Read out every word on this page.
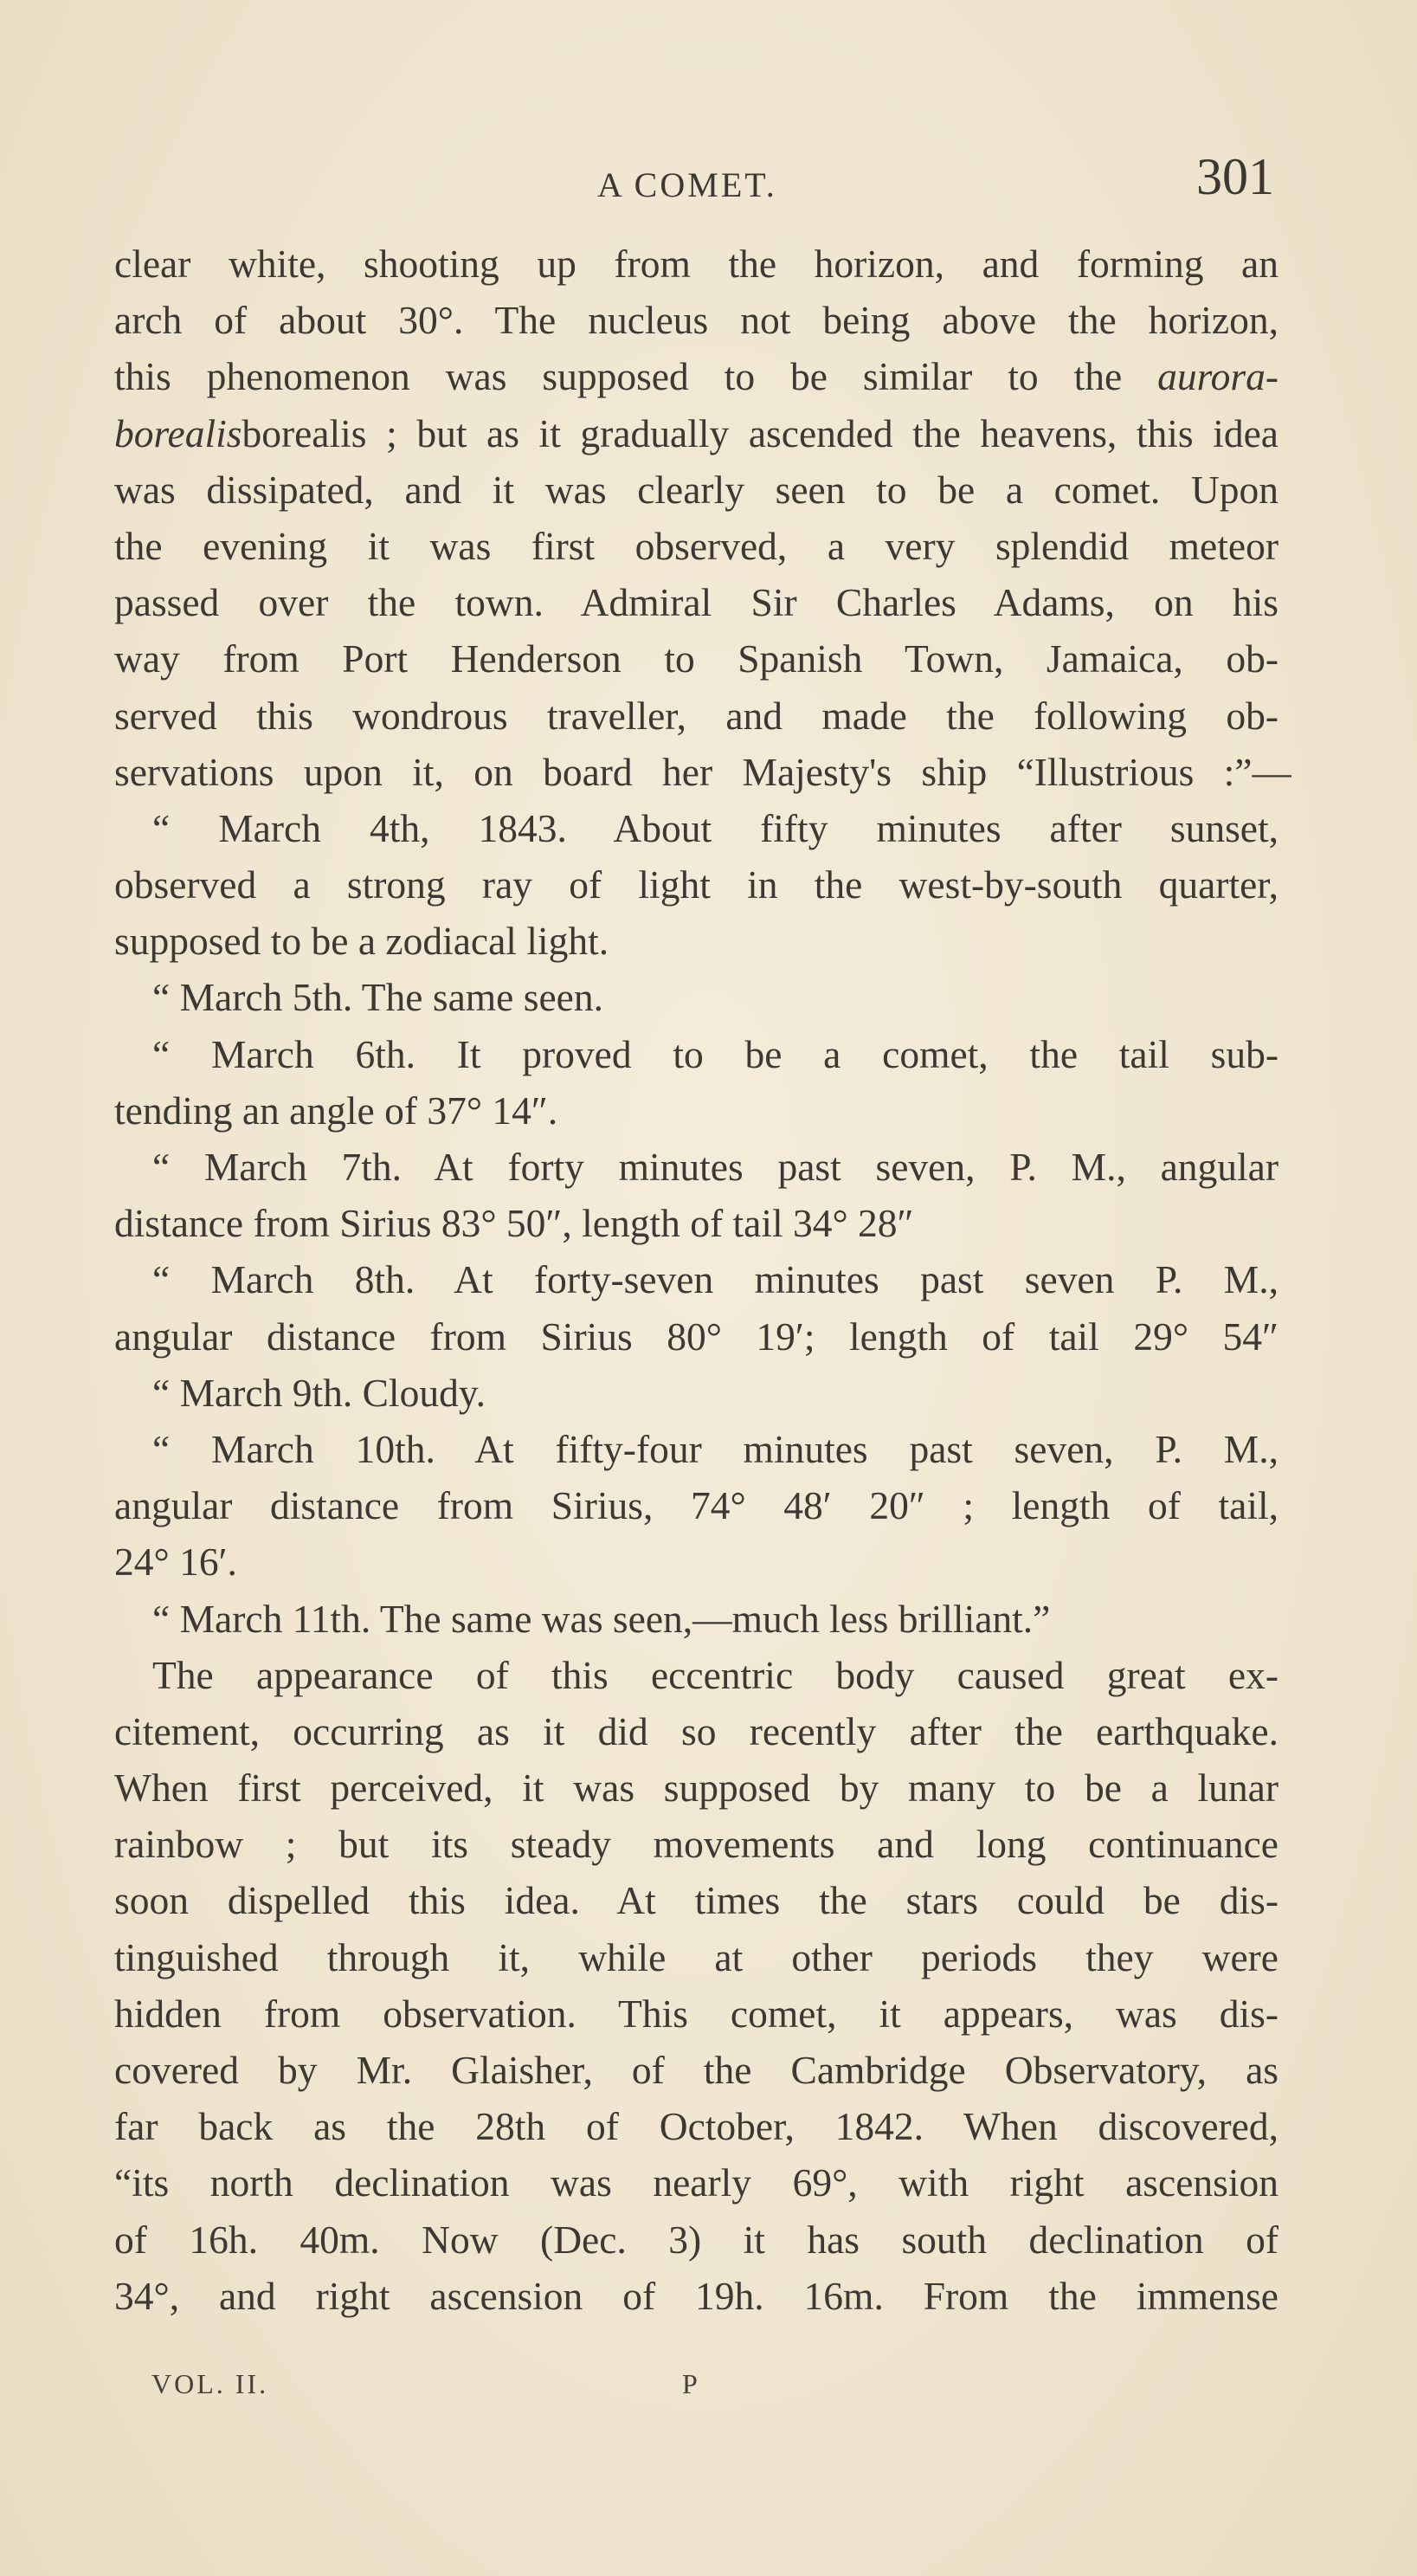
A COMET.	301
clear white, shooting up from the horizon, and forming an
arch of about 30°. The nucleus not being above the horizon,
this phenomenon was supposed to be similar to the aurora-
borealisborealis ; but as it gradually ascended the heavens, this idea
was dissipated, and it was clearly seen to be a comet. Upon
the evening it was first observed, a very splendid meteor
passed over the town. Admiral Sir Charles Adams, on his
way from Port Henderson to Spanish Town, Jamaica, ob-
served this wondrous traveller, and made the following ob-
servations upon it, on board her Majesty's ship “Illustrious :”—
“ March 4th, 1843. About fifty minutes after sunset,
observed a strong ray of light in the west-by-south quarter,
supposed to be a zodiacal light.
“ March 5th. The same seen.
“ March 6th. It proved to be a comet, the tail sub-
tending an angle of 37° 14″.
“ March 7th. At forty minutes past seven, P. M., angular
distance from Sirius 83° 50″, length of tail 34° 28″
“ March 8th. At forty-seven minutes past seven P. M.,
angular distance from Sirius 80° 19′; length of tail 29° 54″
“ March 9th. Cloudy.
“ March 10th. At fifty-four minutes past seven, P. M.,
angular distance from Sirius, 74° 48′ 20″ ; length of tail,
24° 16′.
“ March 11th. The same was seen,—much less brilliant.”
The appearance of this eccentric body caused great ex-
citement, occurring as it did so recently after the earthquake.
When first perceived, it was supposed by many to be a lunar
rainbow ; but its steady movements and long continuance
soon dispelled this idea. At times the stars could be dis-
tinguished through it, while at other periods they were
hidden from observation. This comet, it appears, was dis-
covered by Mr. Glaisher, of the Cambridge Observatory, as
far back as the 28th of October, 1842. When discovered,
“its north declination was nearly 69°, with right ascension
of 16h. 40m. Now (Dec. 3) it has south declination of
34°, and right ascension of 19h. 16m. From the immense
VOL. II.	P
